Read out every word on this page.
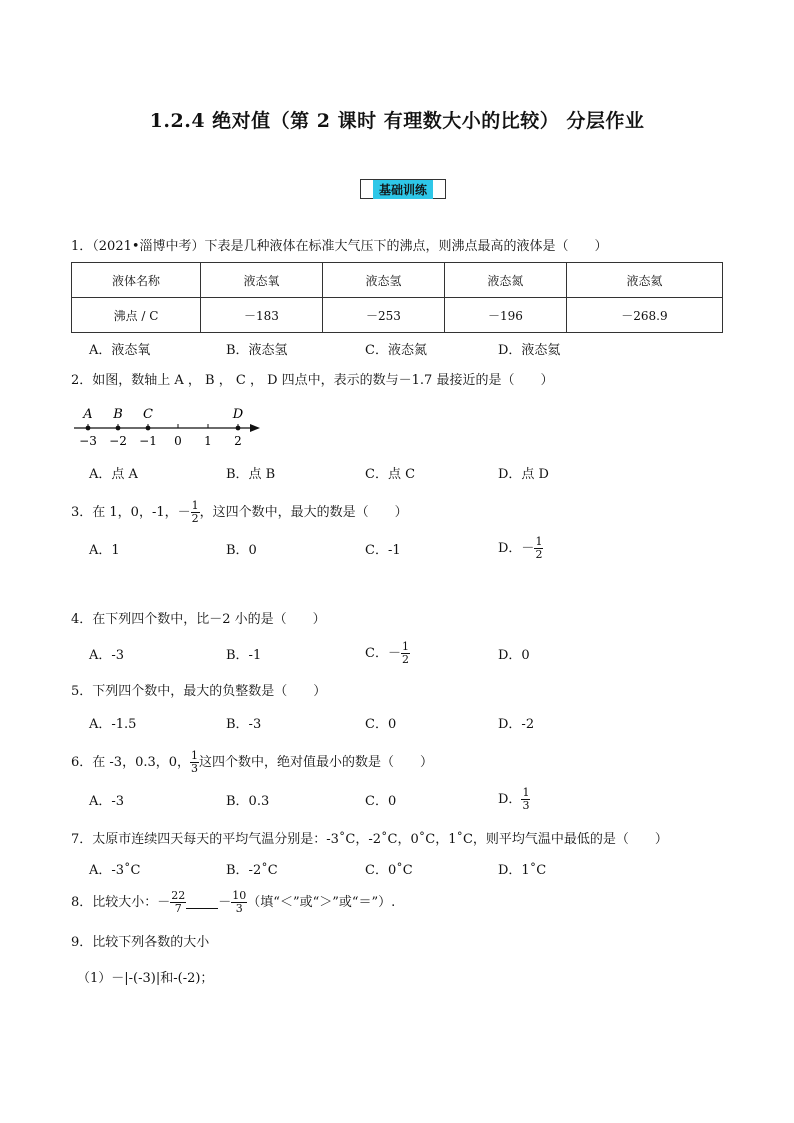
1.2.4 绝对值（第 2 课时 有理数大小的比较） 分层作业
基础训练
1．（2021•淄博中考）下表是几种液体在标准大气压下的沸点，则沸点最高的液体是（　　）
液体名称	液态氧	液态氢	液态氮	液态氦
沸点 / C	－183	－253	－196	－268.9
A．液态氧	B．液态氢	C．液态氮	D．液态氦
2．如图，数轴上 A ， B ， C ， D 四点中，表示的数与－1.7 最接近的是（　　）
−3 −2 −1 0 1 2
A B C	D
A．点 A	B．点 B	C．点 C	D．点 D
3．在 1，0，-1，－ $\frac{1}{2}$ ，这四个数中，最大的数是（　　）
A．1	B．0	C．-1	D．－ $\frac{1}{2}$
4．在下列四个数中，比－2 小的是（　　）
A．-3	B．-1	C．－ $\frac{1}{2}$	D．0
5．下列四个数中，最大的负整数是（　　）
A．-1.5	B．-3	C．0	D．-2
6．在 -3，0.3，0， $\frac{1}{3}$ 这四个数中，绝对值最小的数是（　　）
A．-3	B．0.3	C．0	D． $\frac{1}{3}$
7．太原市连续四天每天的平均气温分别是：-3˚C，-2˚C，0˚C，1˚C，则平均气温中最低的是（　　）
A．-3˚C	B．-2˚C	C．0˚C	D．1˚C
8．比较大小：－ $\frac{22}{7} - \frac{10}{3}$ （填“＜”或“＞”或“＝”）.
9．比较下列各数的大小
（1）－|-(-3)|和-(-2)；
